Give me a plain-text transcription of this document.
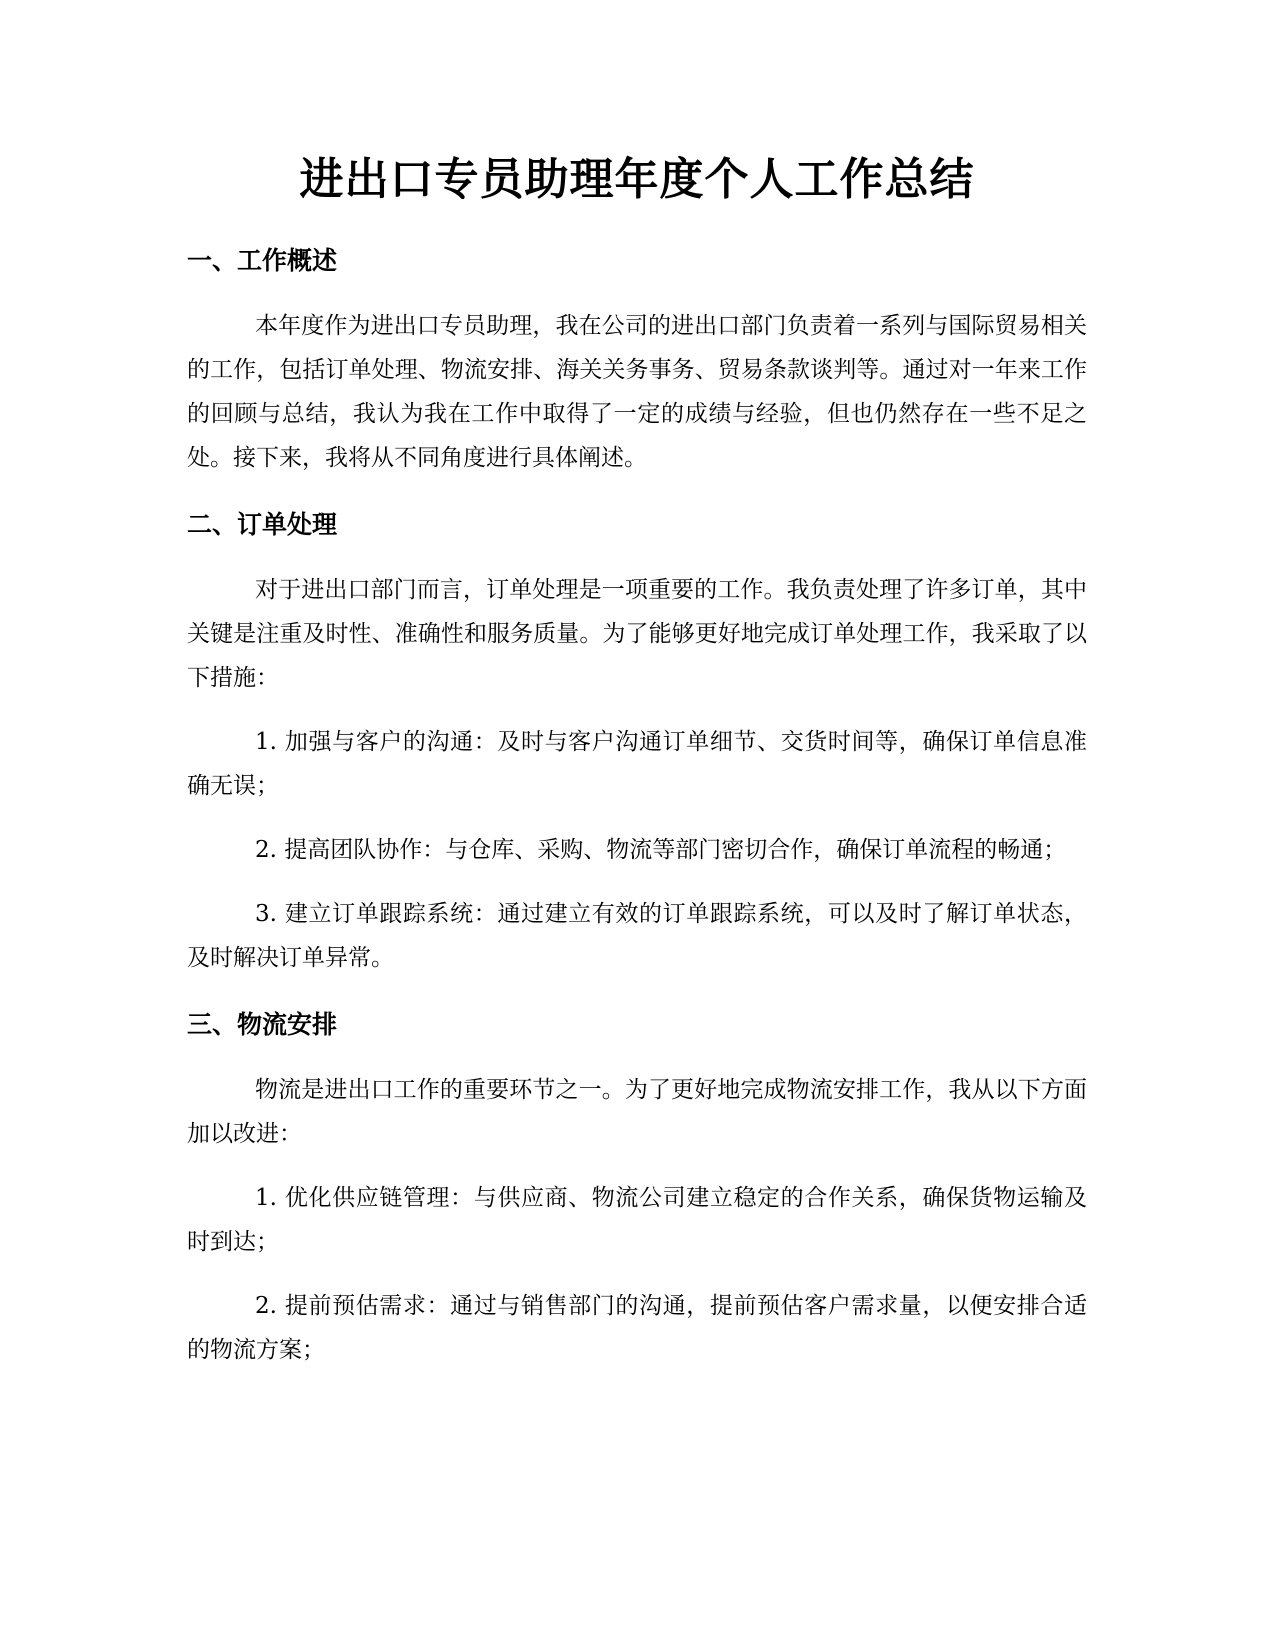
进出口专员助理年度个人工作总结
一、工作概述

本年度作为进出口专员助理，我在公司的进出口部门负责着一系列与国际贸易相关的工作，包括订单处理、物流安排、海关关务事务、贸易条款谈判等。通过对一年来工作的回顾与总结，我认为我在工作中取得了一定的成绩与经验，但也仍然存在一些不足之处。接下来，我将从不同角度进行具体阐述。

二、订单处理

对于进出口部门而言，订单处理是一项重要的工作。我负责处理了许多订单，其中关键是注重及时性、准确性和服务质量。为了能够更好地完成订单处理工作，我采取了以下措施：

1. 加强与客户的沟通：及时与客户沟通订单细节、交货时间等，确保订单信息准确无误；

2. 提高团队协作：与仓库、采购、物流等部门密切合作，确保订单流程的畅通；

3. 建立订单跟踪系统：通过建立有效的订单跟踪系统，可以及时了解订单状态，及时解决订单异常。

三、物流安排

物流是进出口工作的重要环节之一。为了更好地完成物流安排工作，我从以下方面加以改进：

1. 优化供应链管理：与供应商、物流公司建立稳定的合作关系，确保货物运输及时到达；

2. 提前预估需求：通过与销售部门的沟通，提前预估客户需求量，以便安排合适的物流方案；
